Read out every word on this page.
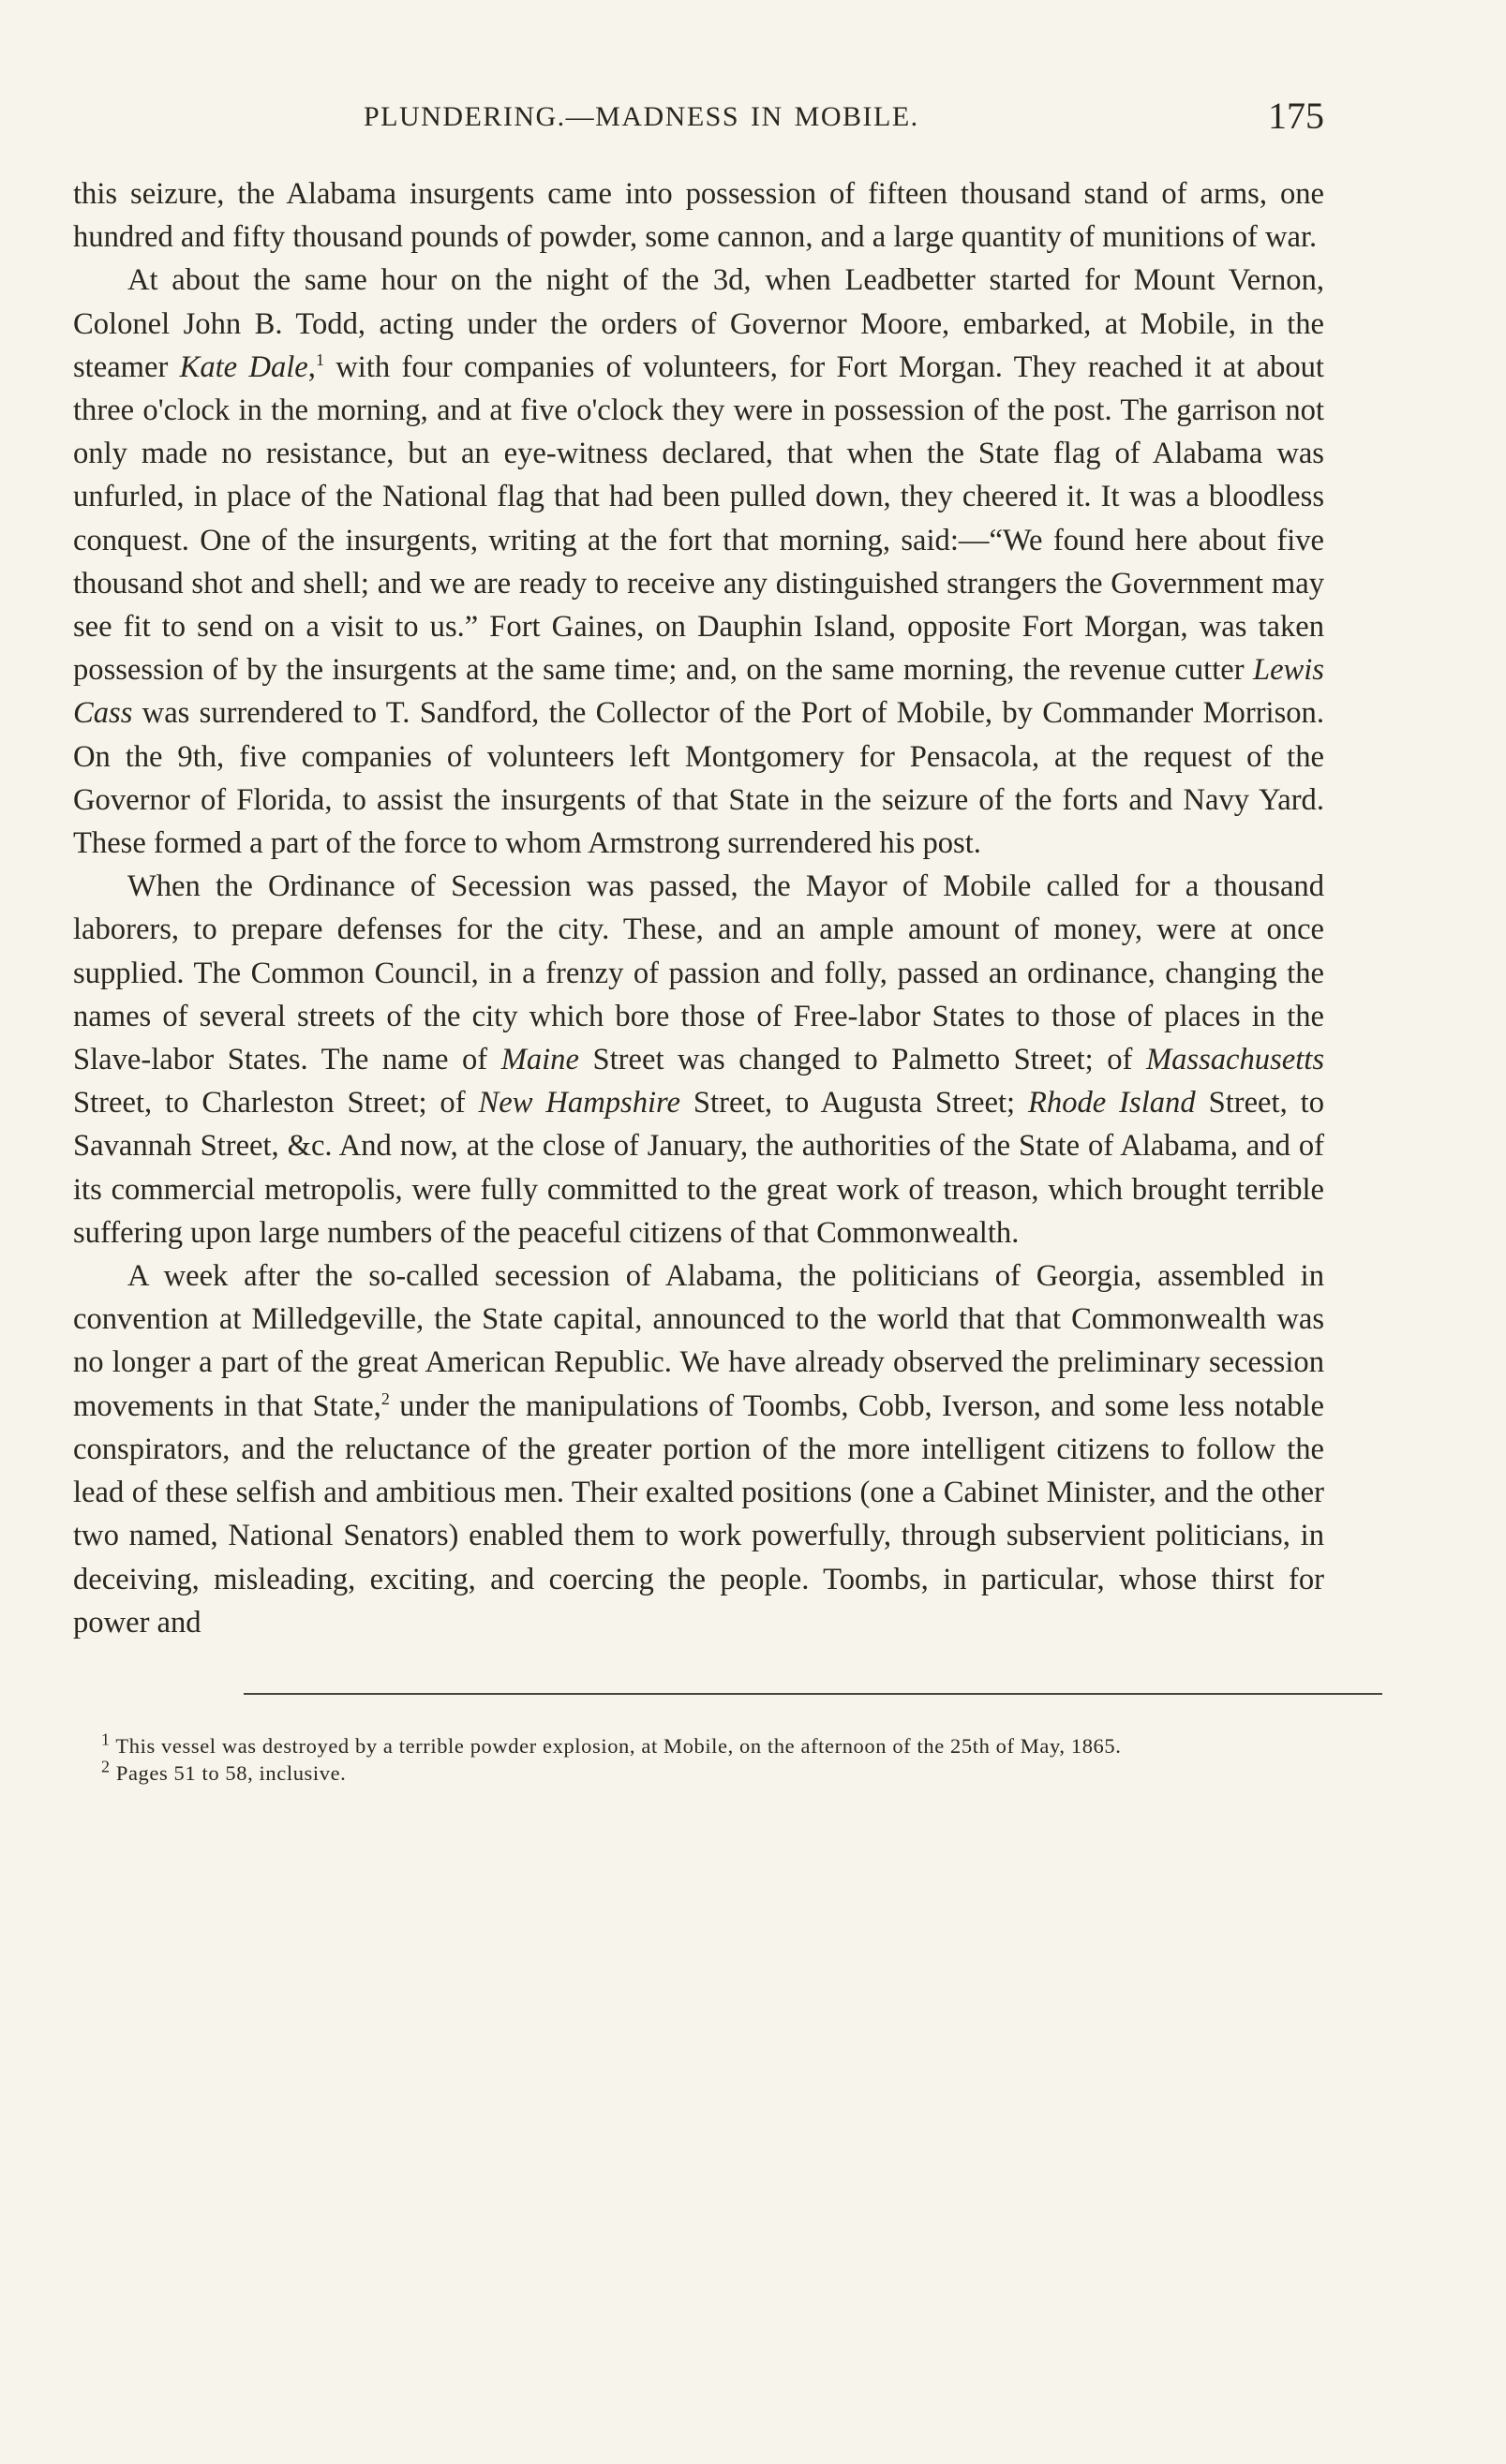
PLUNDERING.—MADNESS IN MOBILE.	175

this seizure, the Alabama insurgents came into possession of fifteen thousand stand of arms, one hundred and fifty thousand pounds of powder, some cannon, and a large quantity of munitions of war.

At about the same hour on the night of the 3d, when Leadbetter started for Mount Vernon, Colonel John B. Todd, acting under the orders of Governor Moore, embarked, at Mobile, in the steamer Kate Dale,$^1$ with four companies of volunteers, for Fort Morgan. They reached it at about three o'clock in the morning, and at five o'clock they were in possession of the post. The garrison not only made no resistance, but an eye-witness declared, that when the State flag of Alabama was unfurled, in place of the National flag that had been pulled down, they cheered it. It was a bloodless conquest. One of the insurgents, writing at the fort that morning, said:—“We found here about five thousand shot and shell; and we are ready to receive any distinguished strangers the Government may see fit to send on a visit to us.” Fort Gaines, on Dauphin Island, opposite Fort Morgan, was taken possession of by the insurgents at the same time; and, on the same morning, the revenue cutter Lewis Cass was surrendered to T. Sandford, the Collector of the Port of Mobile, by Commander Morrison. On the 9th, five companies of volunteers left Montgomery for Pensacola, at the request of the Governor of Florida, to assist the insurgents of that State in the seizure of the forts and Navy Yard. These formed a part of the force to whom Armstrong surrendered his post.

When the Ordinance of Secession was passed, the Mayor of Mobile called for a thousand laborers, to prepare defenses for the city. These, and an ample amount of money, were at once supplied. The Common Council, in a frenzy of passion and folly, passed an ordinance, changing the names of several streets of the city which bore those of Free-labor States to those of places in the Slave-labor States. The name of Maine Street was changed to Palmetto Street; of Massachusetts Street, to Charleston Street; of New Hampshire Street, to Augusta Street; Rhode Island Street, to Savannah Street, &c. And now, at the close of January, the authorities of the State of Alabama, and of its commercial metropolis, were fully committed to the great work of treason, which brought terrible suffering upon large numbers of the peaceful citizens of that Commonwealth.

A week after the so-called secession of Alabama, the politicians of Georgia, assembled in convention at Milledgeville, the State capital, announced to the world that that Commonwealth was no longer a part of the great American Republic. We have already observed the preliminary secession movements in that State,$^2$ under the manipulations of Toombs, Cobb, Iverson, and some less notable conspirators, and the reluctance of the greater portion of the more intelligent citizens to follow the lead of these selfish and ambitious men. Their exalted positions (one a Cabinet Minister, and the other two named, National Senators) enabled them to work powerfully, through subservient politicians, in deceiving, misleading, exciting, and coercing the people. Toombs, in particular, whose thirst for power and

$^1$ This vessel was destroyed by a terrible powder explosion, at Mobile, on the afternoon of the 25th of May, 1865.

$^2$ Pages 51 to 58, inclusive.
